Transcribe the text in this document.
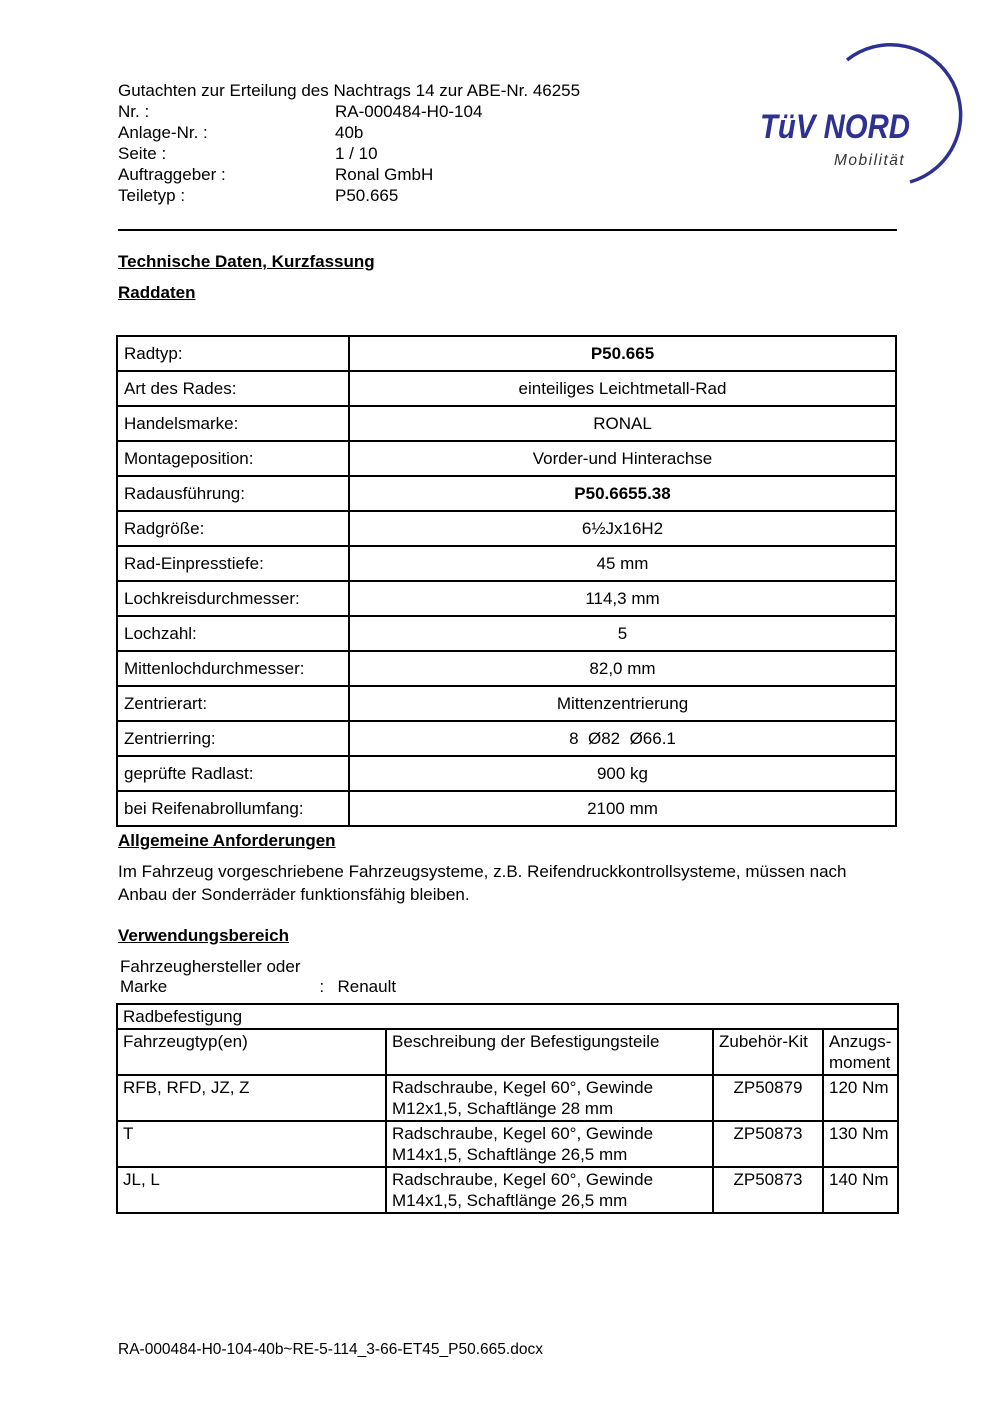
Gutachten zur Erteilung des Nachtrags 14 zur ABE-Nr. 46255
Nr. :	RA-000484-H0-104
Anlage-Nr. :	40b
Seite :	1 / 10
Auftraggeber :	Ronal GmbH
Teiletyp :	P50.665
TüV NORD
Mobilität
Technische Daten, Kurzfassung
Raddaten
Radtyp:	P50.665
Art des Rades:	einteiliges Leichtmetall-Rad
Handelsmarke:	RONAL
Montageposition:	Vorder-und Hinterachse
Radausführung:	P50.6655.38
Radgröße:	6½Jx16H2
Rad-Einpresstiefe:	45 mm
Lochkreisdurchmesser:	114,3 mm
Lochzahl:	5
Mittenlochdurchmesser:	82,0 mm
Zentrierart:	Mittenzentrierung
Zentrierring:	8  Ø82  Ø66.1
geprüfte Radlast:	900 kg
bei Reifenabrollumfang:	2100 mm
Allgemeine Anforderungen
Im Fahrzeug vorgeschriebene Fahrzeugsysteme, z.B. Reifendruckkontrollsysteme, müssen nach Anbau der Sonderräder funktionsfähig bleiben.
Verwendungsbereich
Fahrzeughersteller oder Marke	: Renault
Radbefestigung			
Fahrzeugtyp(en)	Beschreibung der Befestigungsteile	Zubehör-Kit	Anzugs-moment
RFB, RFD, JZ, Z	Radschraube, Kegel 60°, Gewinde M12x1,5, Schaftlänge 28 mm	ZP50879	120 Nm
T	Radschraube, Kegel 60°, Gewinde M14x1,5, Schaftlänge 26,5 mm	ZP50873	130 Nm
JL, L	Radschraube, Kegel 60°, Gewinde M14x1,5, Schaftlänge 26,5 mm	ZP50873	140 Nm
RA-000484-H0-104-40b~RE-5-114_3-66-ET45_P50.665.docx
